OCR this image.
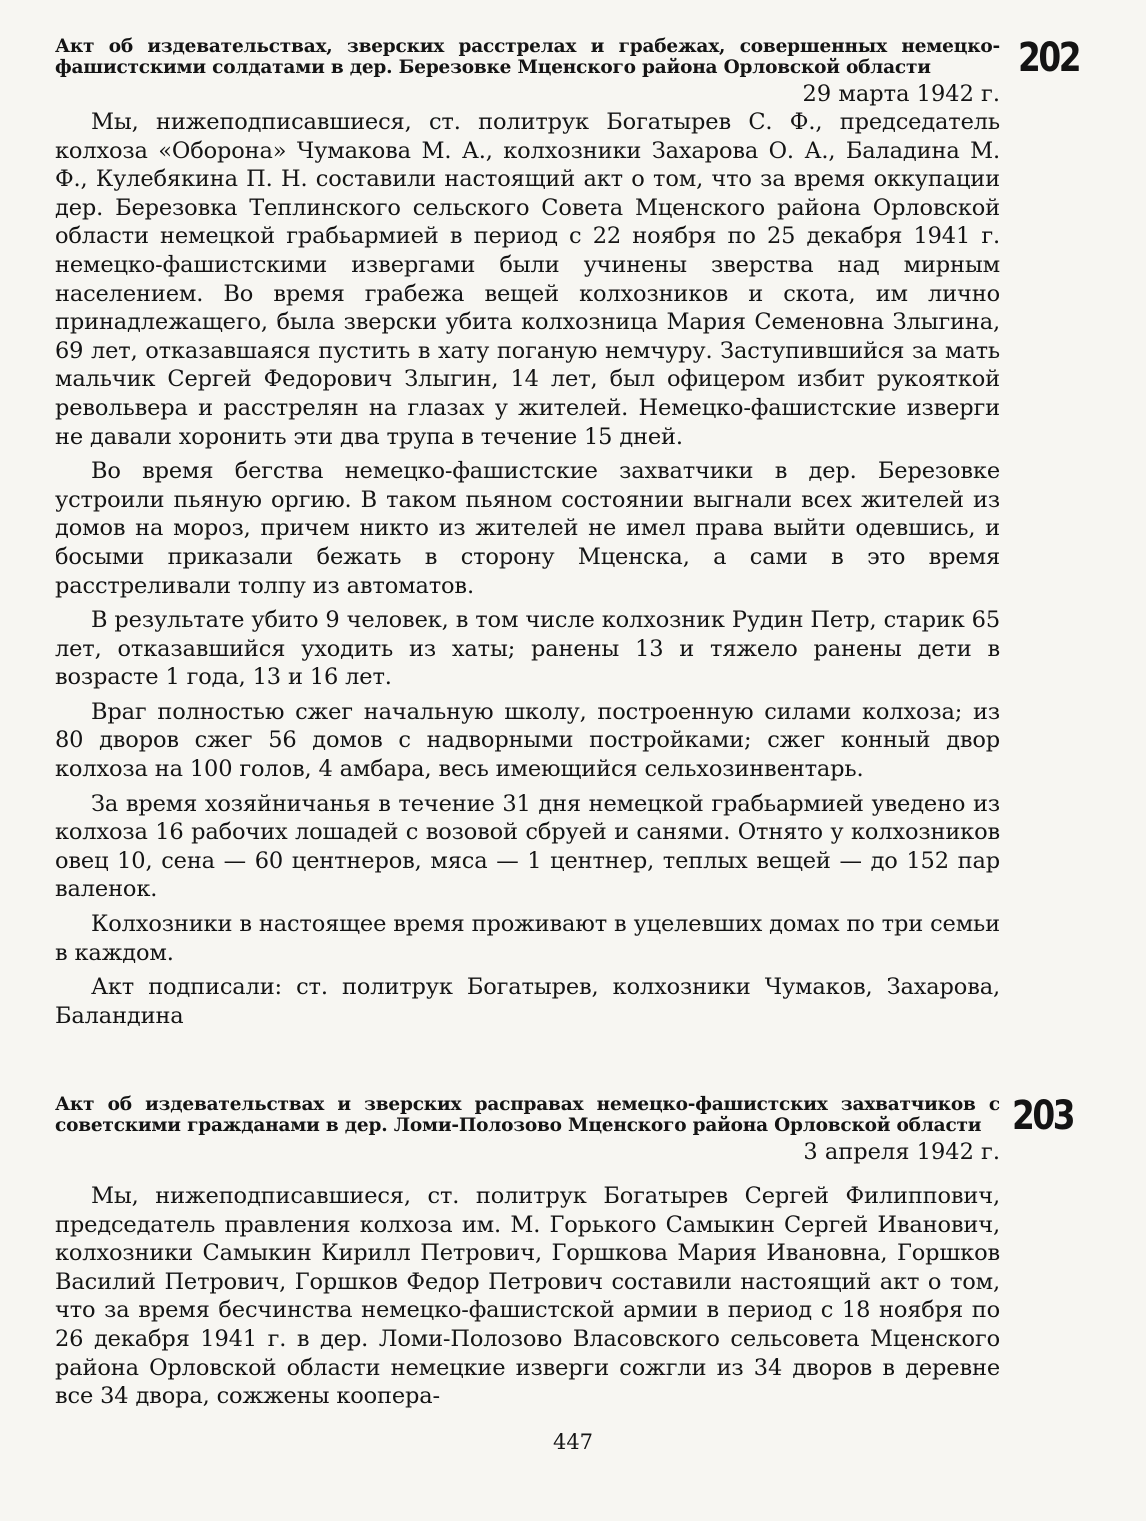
202

Акт об издевательствах, зверских расстрелах и грабежах, совершенных немецко-фашистскими солдатами в дер. Березовке Мценского района Орловской области

29 марта 1942 г.

Мы, нижеподписавшиеся, ст. политрук Богатырев С. Ф., председатель колхоза «Оборона» Чумакова М. А., колхозники Захарова О. А., Баладина М. Ф., Кулебякина П. Н. составили настоящий акт о том, что за время оккупации дер. Березовка Теплинского сельского Совета Мценского района Орловской области немецкой грабьармией в период с 22 ноября по 25 декабря 1941 г. немецко-фашистскими извергами были учинены зверства над мирным населением. Во время грабежа вещей колхозников и скота, им лично принадлежащего, была зверски убита колхозница Мария Семеновна Злыгина, 69 лет, отказавшаяся пустить в хату поганую немчуру. Заступившийся за мать мальчик Сергей Федорович Злыгин, 14 лет, был офицером избит рукояткой револьвера и расстрелян на глазах у жителей. Немецко-фашистские изверги не давали хоронить эти два трупа в течение 15 дней.

Во время бегства немецко-фашистские захватчики в дер. Березовке устроили пьяную оргию. В таком пьяном состоянии выгнали всех жителей из домов на мороз, причем никто из жителей не имел права выйти одевшись, и босыми приказали бежать в сторону Мценска, а сами в это время расстреливали толпу из автоматов.

В результате убито 9 человек, в том числе колхозник Рудин Петр, старик 65 лет, отказавшийся уходить из хаты; ранены 13 и тяжело ранены дети в возрасте 1 года, 13 и 16 лет.

Враг полностью сжег начальную школу, построенную силами колхоза; из 80 дворов сжег 56 домов с надворными постройками; сжег конный двор колхоза на 100 голов, 4 амбара, весь имеющийся сельхозинвентарь.

За время хозяйничанья в течение 31 дня немецкой грабьармией уведено из колхоза 16 рабочих лошадей с возовой сбруей и санями. Отнято у колхозников овец 10, сена — 60 центнеров, мяса — 1 центнер, теплых вещей — до 152 пар валенок.

Колхозники в настоящее время проживают в уцелевших домах по три семьи в каждом.

Акт подписали: ст. политрук Богатырев, колхозники Чумаков, Захарова, Баландина

203

Акт об издевательствах и зверских расправах немецко-фашистских захватчиков с советскими гражданами в дер. Ломи-Полозово Мценского района Орловской области

3 апреля 1942 г.

Мы, нижеподписавшиеся, ст. политрук Богатырев Сергей Филиппович, председатель правления колхоза им. М. Горького Самыкин Сергей Иванович, колхозники Самыкин Кирилл Петрович, Горшкова Мария Ивановна, Горшков Василий Петрович, Горшков Федор Петрович составили настоящий акт о том, что за время бесчинства немецко-фашистской армии в период с 18 ноября по 26 декабря 1941 г. в дер. Ломи-Полозово Власовского сельсовета Мценского района Орловской области немецкие изверги сожгли из 34 дворов в деревне все 34 двора, сожжены коопера-

447
